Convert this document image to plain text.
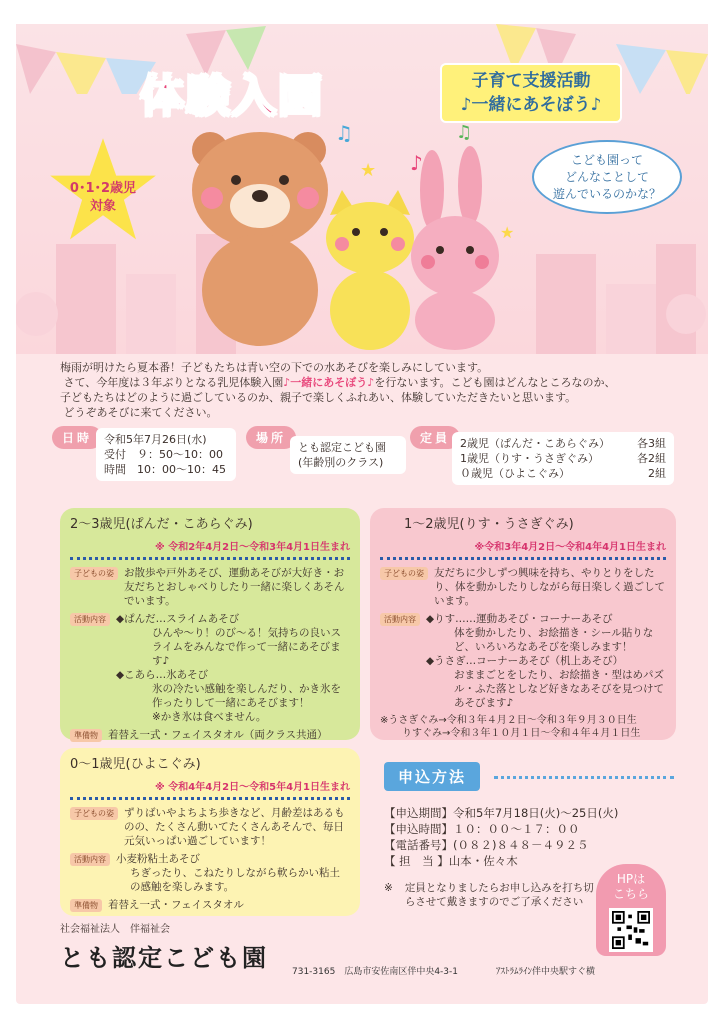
体験入園	子育て支援活動
♪一緒にあそぼう♪
こども園って
どんなことして
遊んでいるのかな？
0･1･2歳児
対象
♫
♪
♫
★
★

梅雨が明けたら夏本番！子どもたちは青い空の下での水あそびを楽しみにしています。

さて、今年度は３年ぶりとなる乳児体験入園♪一緒にあそぼう♪を行ないます。こども園はどんなところなのか、

子どもたちはどのように過ごしているのか、親子で楽しくふれあい、体験していただきたいと思います。

どうぞあそびに来てください。

日時	令和5年7月26日(水)
受付　９：50～10：00
時間　10：00～10：45
場所
とも認定こども園
(年齢別のクラス)
定員 2歳児（ぱんだ・こあらぐみ） 各3組
1歳児（りす・うさぎぐみ）	各2組
０歳児（ひよこぐみ）	2組
2～3歳児(ぱんだ・こあらぐみ)
※ 令和2年4月2日～令和3年4月1日生まれ
子どもの姿 お散歩や戸外あそび、運動あそびが大好き・お友だちとおしゃべりしたり一緒に楽しくあそんでいます。
活動内容 ◆ぱんだ…スライムあそび
ひんや～り！のび～る！気持ちの良いスライムをみんなで作って一緒にあそびます♪
◆こあら…氷あそび
氷の冷たい感触を楽しんだり、かき氷を作ったりして一緒にあそびます！
※かき氷は食べません。
準備物 着替え一式・フェイスタオル（両クラス共通）
1～2歳児(りす・うさぎぐみ)
※令和3年4月2日～令和4年4月1日生まれ
子どもの姿 友だちに少しずつ興味を持ち、やりとりをしたり、体を動かしたりしながら毎日楽しく過ごしています。
活動内容 ◆りす……運動あそび・コーナーあそび
体を動かしたり、お絵描き・シール貼りなど、いろいろなあそびを楽しみます！
◆うさぎ…コーナーあそび（机上あそび）
おままごとをしたり、お絵描き・型はめパズル・ふた落としなど好きなあそびを見つけてあそびます♪
※うさぎぐみ→令和３年４月２日～令和３年９月３０日生
りすぐみ→令和３年１０月１日～令和４年４月１日生
0～1歳児(ひよこぐみ)
※ 令和4年4月2日～令和5年4月1日生まれ
子どもの姿 ずりばいやよちよち歩きなど、月齢差はあるものの、たくさん動いてたくさんあそんで、毎日元気いっぱい過ごしています！
活動内容 小麦粉粘土あそび
ちぎったり、こねたりしながら軟らかい粘土の感触を楽しみます。
準備物 着替え一式・フェイスタオル
申込方法
【申込期間】令和5年7月18日(火)～25日(火)
【申込時間】１０：００～１７：００
【電話番号】(０８２)８４８－４９２５
【 担　当 】山本・佐々木
※ 定員となりましたらお申し込みを打ち切らさせて戴きますのでご了承ください
HPは
こちら
社会福祉法人　伴福祉会
とも認定こども園	731-3165　広島市安佐南区伴中央4-3-1	ｱｽﾄﾗﾑﾗｲﾝ伴中央駅すぐ横
